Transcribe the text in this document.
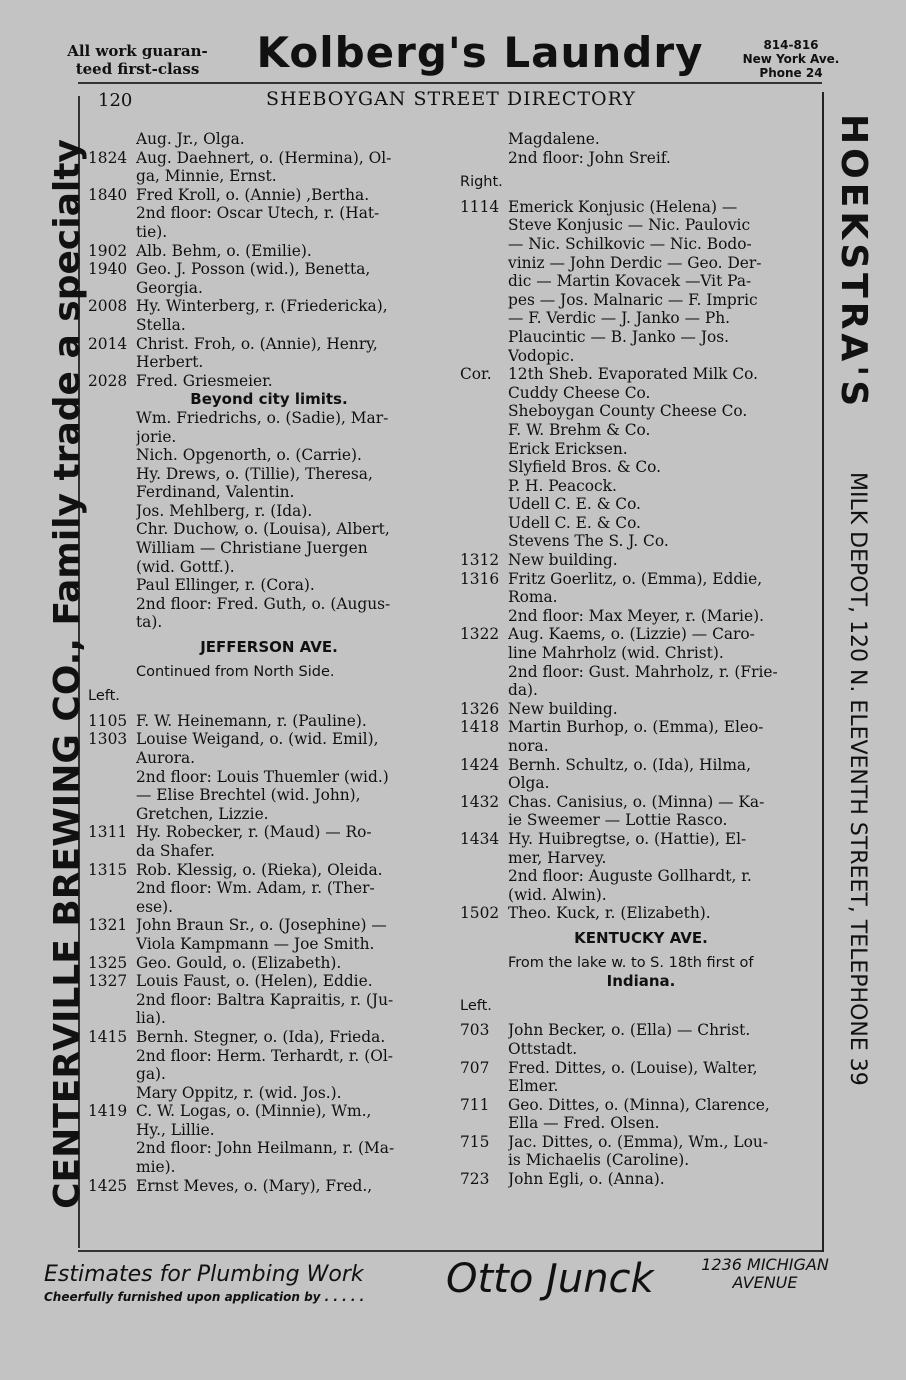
All work guaran-
teed first-class	Kolberg's Laundry	814-816
New York Ave.
Phone 24
120	SHEBOYGAN STREET DIRECTORY
CENTERVILLE BREWING CO., Family trade a specialty	HOEKSTRA'S
MILK DEPOT, 120 N. ELEVENTH STREET, TELEPHONE 39
Aug. Jr., Olga.
1824 Aug. Daehnert, o. (Hermina), Ol-
ga, Minnie, Ernst.
1840 Fred Kroll, o. (Annie) ,Bertha.
2nd floor: Oscar Utech, r. (Hat-
tie).
1902 Alb. Behm, o. (Emilie).
1940 Geo. J. Posson (wid.), Benetta,
Georgia.
2008 Hy. Winterberg, r. (Friedericka),
Stella.
2014 Christ. Froh, o. (Annie), Henry,
Herbert.
2028 Fred. Griesmeier.
Beyond city limits.
Wm. Friedrichs, o. (Sadie), Mar-
jorie.
Nich. Opgenorth, o. (Carrie).
Hy. Drews, o. (Tillie), Theresa,
Ferdinand, Valentin.
Jos. Mehlberg, r. (Ida).
Chr. Duchow, o. (Louisa), Albert,
William — Christiane Juergen
(wid. Gottf.).
Paul Ellinger, r. (Cora).
2nd floor: Fred. Guth, o. (Augus-
ta).
JEFFERSON AVE.
Continued from North Side.
Left.
1105 F. W. Heinemann, r. (Pauline).
1303 Louise Weigand, o. (wid. Emil),
Aurora.
2nd floor: Louis Thuemler (wid.)
— Elise Brechtel (wid. John),
Gretchen, Lizzie.
1311 Hy. Robecker, r. (Maud) — Ro-
da Shafer.
1315 Rob. Klessig, o. (Rieka), Oleida.
2nd floor: Wm. Adam, r. (Ther-
ese).
1321 John Braun Sr., o. (Josephine) —
Viola Kampmann — Joe Smith.
1325 Geo. Gould, o. (Elizabeth).
1327 Louis Faust, o. (Helen), Eddie.
2nd floor: Baltra Kapraitis, r. (Ju-
lia).
1415 Bernh. Stegner, o. (Ida), Frieda.
2nd floor: Herm. Terhardt, r. (Ol-
ga).
Mary Oppitz, r. (wid. Jos.).
1419 C. W. Logas, o. (Minnie), Wm.,
Hy., Lillie.
2nd floor: John Heilmann, r. (Ma-
mie).
1425 Ernst Meves, o. (Mary), Fred.,
Magdalene.
2nd floor: John Sreif.
Right.
1114 Emerick Konjusic (Helena) —
Steve Konjusic — Nic. Paulovic
— Nic. Schilkovic — Nic. Bodo-
viniz — John Derdic — Geo. Der-
dic — Martin Kovacek —Vit Pa-
pes — Jos. Malnaric — F. Impric
— F. Verdic — J. Janko — Ph.
Plaucintic — B. Janko — Jos.
Vodopic.
Cor.	12th Sheb. Evaporated Milk Co.
Cuddy Cheese Co.
Sheboygan County Cheese Co.
F. W. Brehm & Co.
Erick Ericksen.
Slyfield Bros. & Co.
P. H. Peacock.
Udell C. E. & Co.
Udell C. E. & Co.
Stevens The S. J. Co.
1312 New building.
1316 Fritz Goerlitz, o. (Emma), Eddie,
Roma.
2nd floor: Max Meyer, r. (Marie).
1322 Aug. Kaems, o. (Lizzie) — Caro-
line Mahrholz (wid. Christ).
2nd floor: Gust. Mahrholz, r. (Frie-
da).
1326 New building.
1418 Martin Burhop, o. (Emma), Eleo-
nora.
1424 Bernh. Schultz, o. (Ida), Hilma,
Olga.
1432 Chas. Canisius, o. (Minna) — Ka-
ie Sweemer — Lottie Rasco.
1434 Hy. Huibregtse, o. (Hattie), El-
mer, Harvey.
2nd floor: Auguste Gollhardt, r.
(wid. Alwin).
1502 Theo. Kuck, r. (Elizabeth).
KENTUCKY AVE.
From the lake w. to S. 18th first of
Indiana.
Left.
703	John Becker, o. (Ella) — Christ.
Ottstadt.
707	Fred. Dittes, o. (Louise), Walter,
Elmer.
711	Geo. Dittes, o. (Minna), Clarence,
Ella — Fred. Olsen.
715	Jac. Dittes, o. (Emma), Wm., Lou-
is Michaelis (Caroline).
723	John Egli, o. (Anna).
Estimates for Plumbing Work
Cheerfully furnished upon application by . . . . . Otto Junck	1236 MICHIGAN
AVENUE
